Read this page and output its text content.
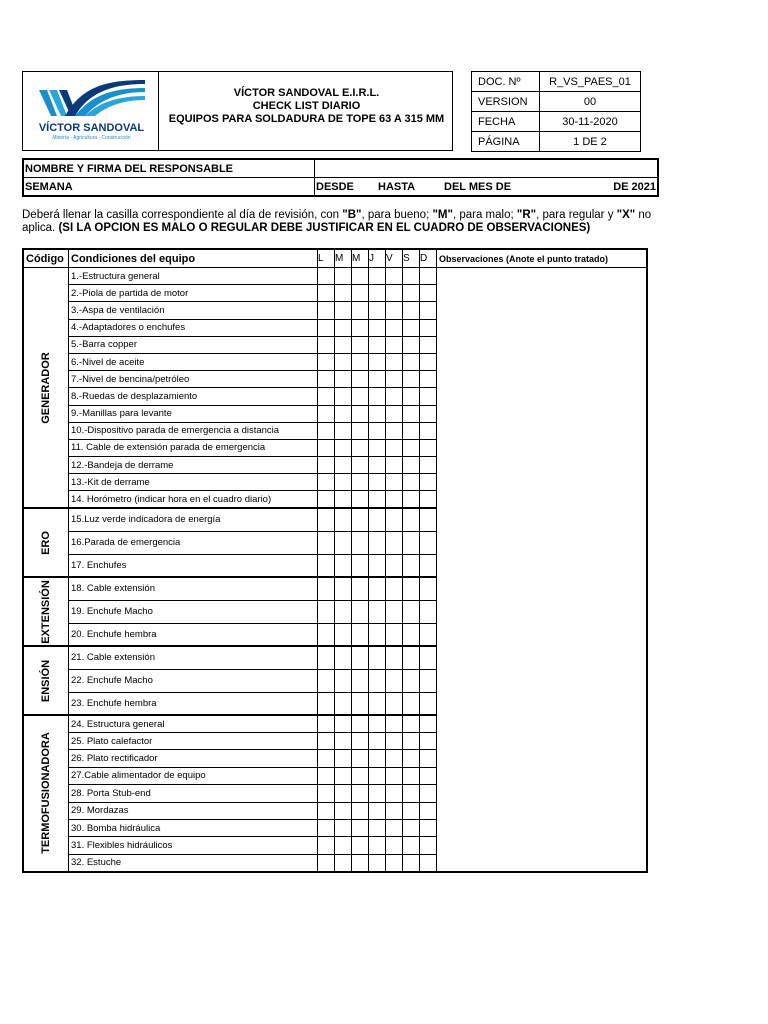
VÍCTOR SANDOVAL
Minería - Agricultura - Construcción
VÍCTOR SANDOVAL E.I.R.L.
CHECK LIST DIARIO
EQUIPOS PARA SOLDADURA DE TOPE 63 A 315 MM
DOC. Nº	R_VS_PAES_01
VERSION	00
FECHA	30-11-2020
PÁGINA	1 DE 2
NOMBRE Y FIRMA DEL RESPONSABLE				
SEMANA	DESDE	HASTA	DEL MES DE	DE 2021
Deberá llenar la casilla correspondiente al día de revisión, con "B", para bueno; "M", para malo; "R", para regular y "X" no aplica. (SI LA OPCION ES MALO O REGULAR DEBE JUSTIFICAR EN EL CUADRO DE OBSERVACIONES)
Código	Condiciones del equipo	L	M	M	J	V	S	D	Observaciones (Anote el punto tratado)

GENERADOR	1.-Estructura general								
	2.-Piola de partida de motor								
	3.-Aspa de ventilación								
	4.-Adaptadores o enchufes								
	5.-Barra copper								
	6.-Nivel de aceite								
	7.-Nivel de bencina/petróleo								
	8.-Ruedas de desplazamiento								
	9.-Manillas para levante								
	10.-Dispositivo parada de emergencia a distancia								
	11. Cable de extensión parada de emergencia								
	12.-Bandeja de derrame								
	13.-Kit de derrame								
	14. Horómetro (indicar hora en el cuadro diario)								

ERO	15.Luz verde indicadora de energía								
	16.Parada de emergencia								
	17. Enchufes								

EXTENSIÓN	18. Cable extensión								
	19. Enchufe Macho								
	20. Enchufe hembra								

ENSIÓN	21. Cable extensión								
	22. Enchufe Macho								
	23. Enchufe hembra								

TERMOFUSIONADORA	24. Estructura general								
	25. Plato calefactor								
	26. Plato rectificador								
	27.Cable alimentador de equipo								
	28. Porta Stub-end								
	29. Mordazas								
	30. Bomba hidráulica								
	31. Flexibles hidráulicos								
	32. Estuche								
